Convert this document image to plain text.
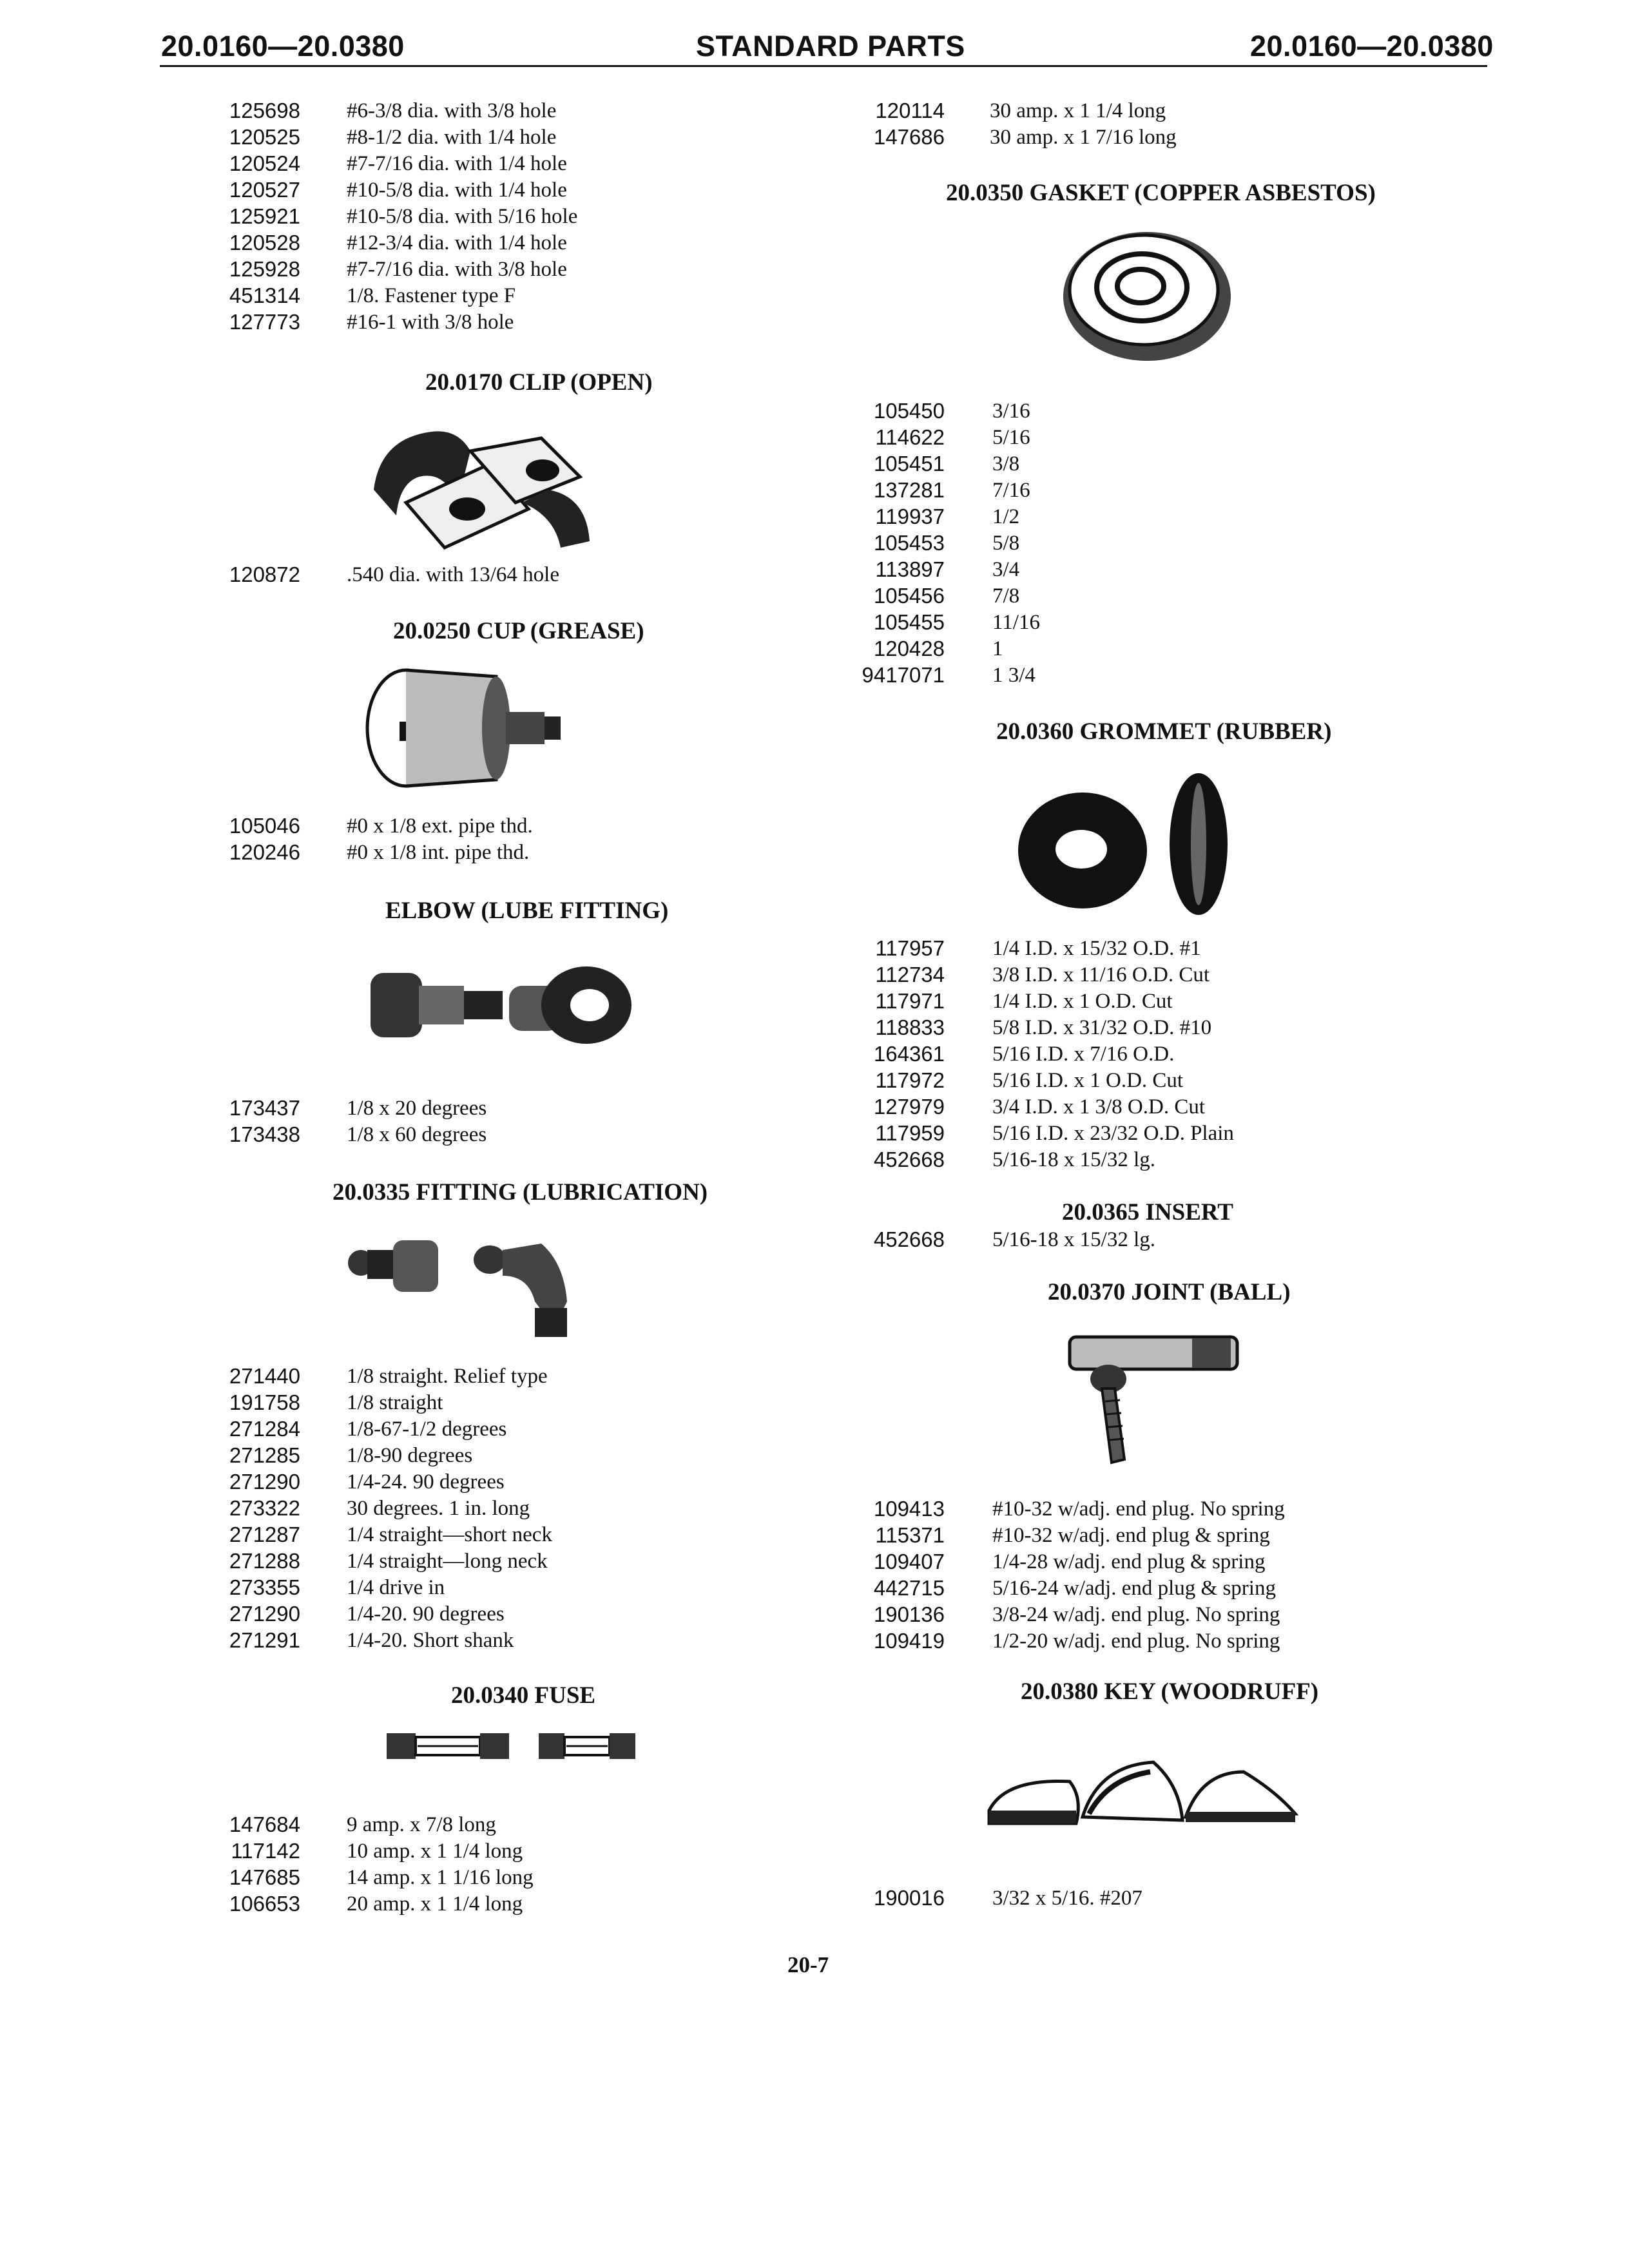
20.0160—20.0380	STANDARD PARTS	20.0160—20.0380
125698 #6-3/8 dia. with 3/8 hole
120525 #8-1/2 dia. with 1/4 hole
120524 #7-7/16 dia. with 1/4 hole
120527 #10-5/8 dia. with 1/4 hole
125921 #10-5/8 dia. with 5/16 hole
120528 #12-3/4 dia. with 1/4 hole
125928 #7-7/16 dia. with 3/8 hole
451314 1/8. Fastener type F
127773 #16-1 with 3/8 hole
20.0170 CLIP (OPEN)
120872 .540 dia. with 13/64 hole
20.0250 CUP (GREASE)
105046 #0 x 1/8 ext. pipe thd.
120246 #0 x 1/8 int. pipe thd.
ELBOW (LUBE FITTING)
173437 1/8 x 20 degrees
173438 1/8 x 60 degrees
20.0335 FITTING (LUBRICATION)
271440 1/8 straight. Relief type
191758 1/8 straight
271284 1/8-67-1/2 degrees
271285 1/8-90 degrees
271290 1/4-24. 90 degrees
273322 30 degrees. 1 in. long
271287 1/4 straight—short neck
271288 1/4 straight—long neck
273355 1/4 drive in
271290 1/4-20. 90 degrees
271291 1/4-20. Short shank
20.0340 FUSE
147684 9 amp. x 7/8 long
117142 10 amp. x 1 1/4 long
147685 14 amp. x 1 1/16 long
106653 20 amp. x 1 1/4 long
120114 30 amp. x 1 1/4 long
147686 30 amp. x 1 7/16 long
20.0350 GASKET (COPPER ASBESTOS)
105450 3/16
114622 5/16
105451 3/8
137281 7/16
119937 1/2
105453 5/8
113897 3/4
105456 7/8
105455 11/16
120428 1
9417071 1 3/4
20.0360 GROMMET (RUBBER)
117957 1/4 I.D. x 15/32 O.D. #1
112734 3/8 I.D. x 11/16 O.D. Cut
117971 1/4 I.D. x 1 O.D. Cut
118833 5/8 I.D. x 31/32 O.D. #10
164361 5/16 I.D. x 7/16 O.D.
117972 5/16 I.D. x 1 O.D. Cut
127979 3/4 I.D. x 1 3/8 O.D. Cut
117959 5/16 I.D. x 23/32 O.D. Plain
452668 5/16-18 x 15/32 lg.
20.0365 INSERT
452668 5/16-18 x 15/32 lg.
20.0370 JOINT (BALL)
109413 #10-32 w/adj. end plug. No spring
115371 #10-32 w/adj. end plug & spring
109407 1/4-28 w/adj. end plug & spring
442715 5/16-24 w/adj. end plug & spring
190136 3/8-24 w/adj. end plug. No spring
109419 1/2-20 w/adj. end plug. No spring
20.0380 KEY (WOODRUFF)
190016 3/32 x 5/16. #207
20-7
